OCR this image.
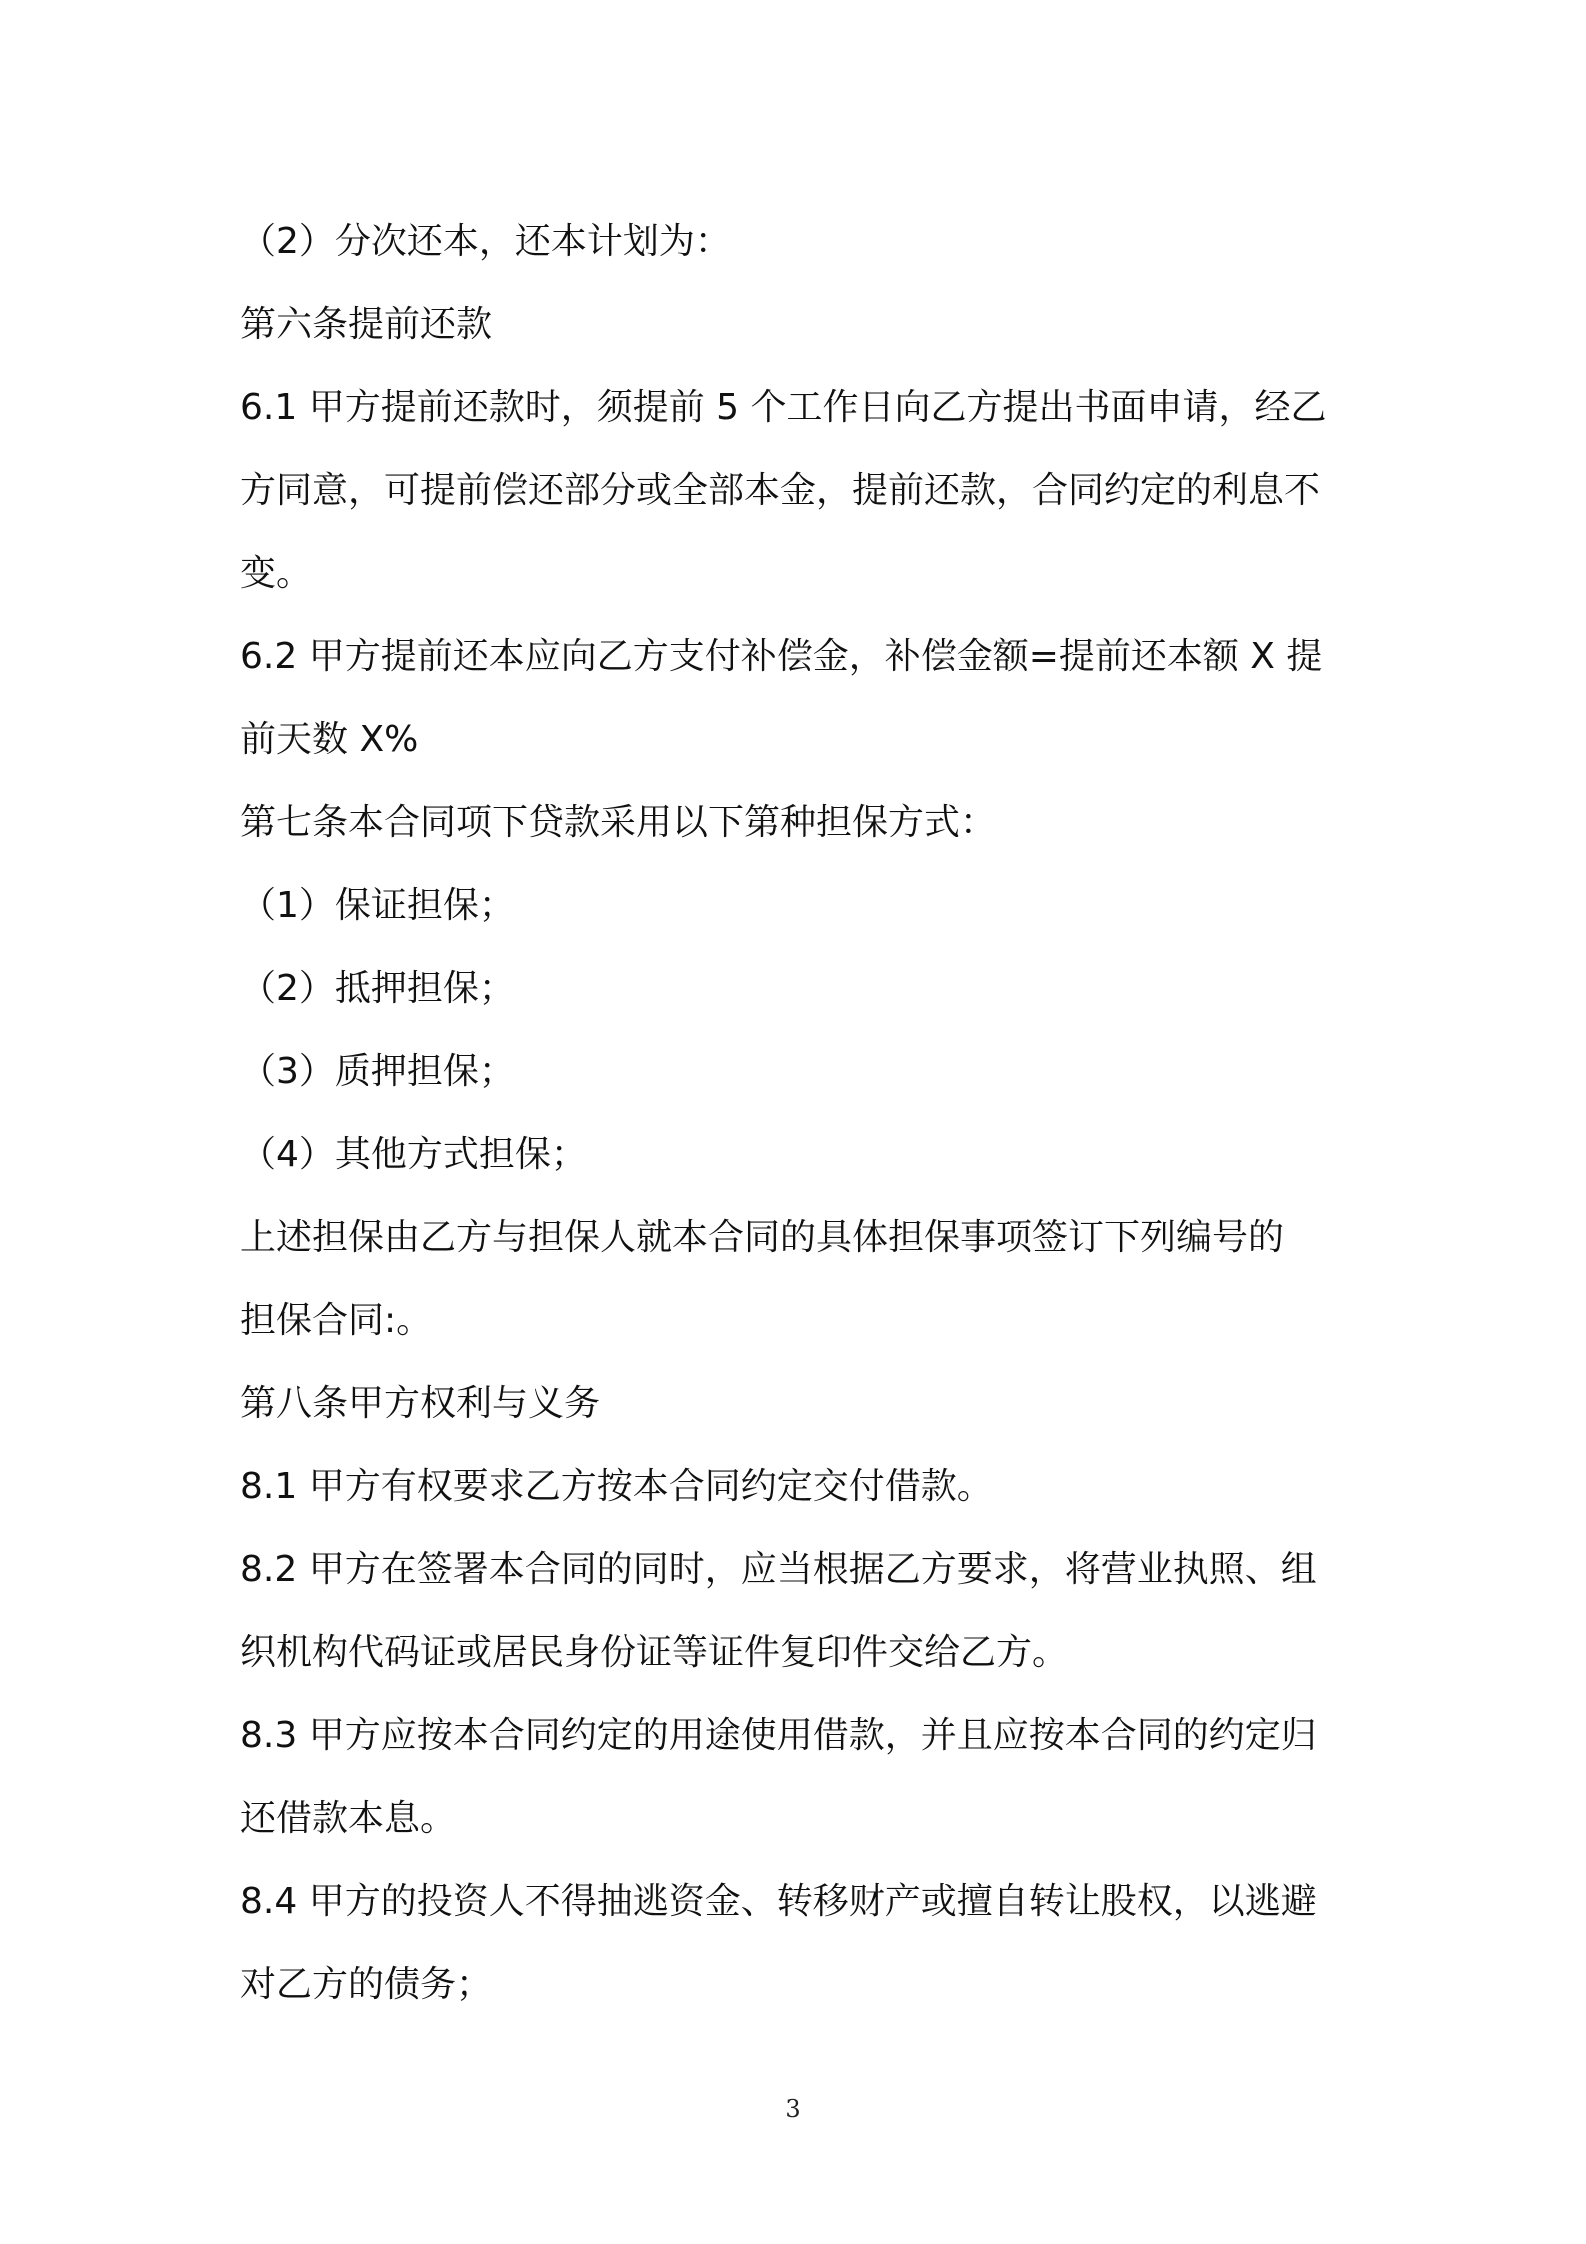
（2）分次还本，还本计划为：

第六条提前还款

6.1 甲方提前还款时，须提前 5 个工作日向乙方提出书面申请，经乙

方同意，可提前偿还部分或全部本金，提前还款，合同约定的利息不

变。

6.2 甲方提前还本应向乙方支付补偿金，补偿金额=提前还本额 X 提

前天数 X%

第七条本合同项下贷款采用以下第种担保方式：

（1）保证担保；

（2）抵押担保；

（3）质押担保；

（4）其他方式担保；

上述担保由乙方与担保人就本合同的具体担保事项签订下列编号的

担保合同:。

第八条甲方权利与义务

8.1 甲方有权要求乙方按本合同约定交付借款。

8.2 甲方在签署本合同的同时，应当根据乙方要求，将营业执照、组

织机构代码证或居民身份证等证件复印件交给乙方。

8.3 甲方应按本合同约定的用途使用借款，并且应按本合同的约定归

还借款本息。

8.4 甲方的投资人不得抽逃资金、转移财产或擅自转让股权，以逃避

对乙方的债务；

3
